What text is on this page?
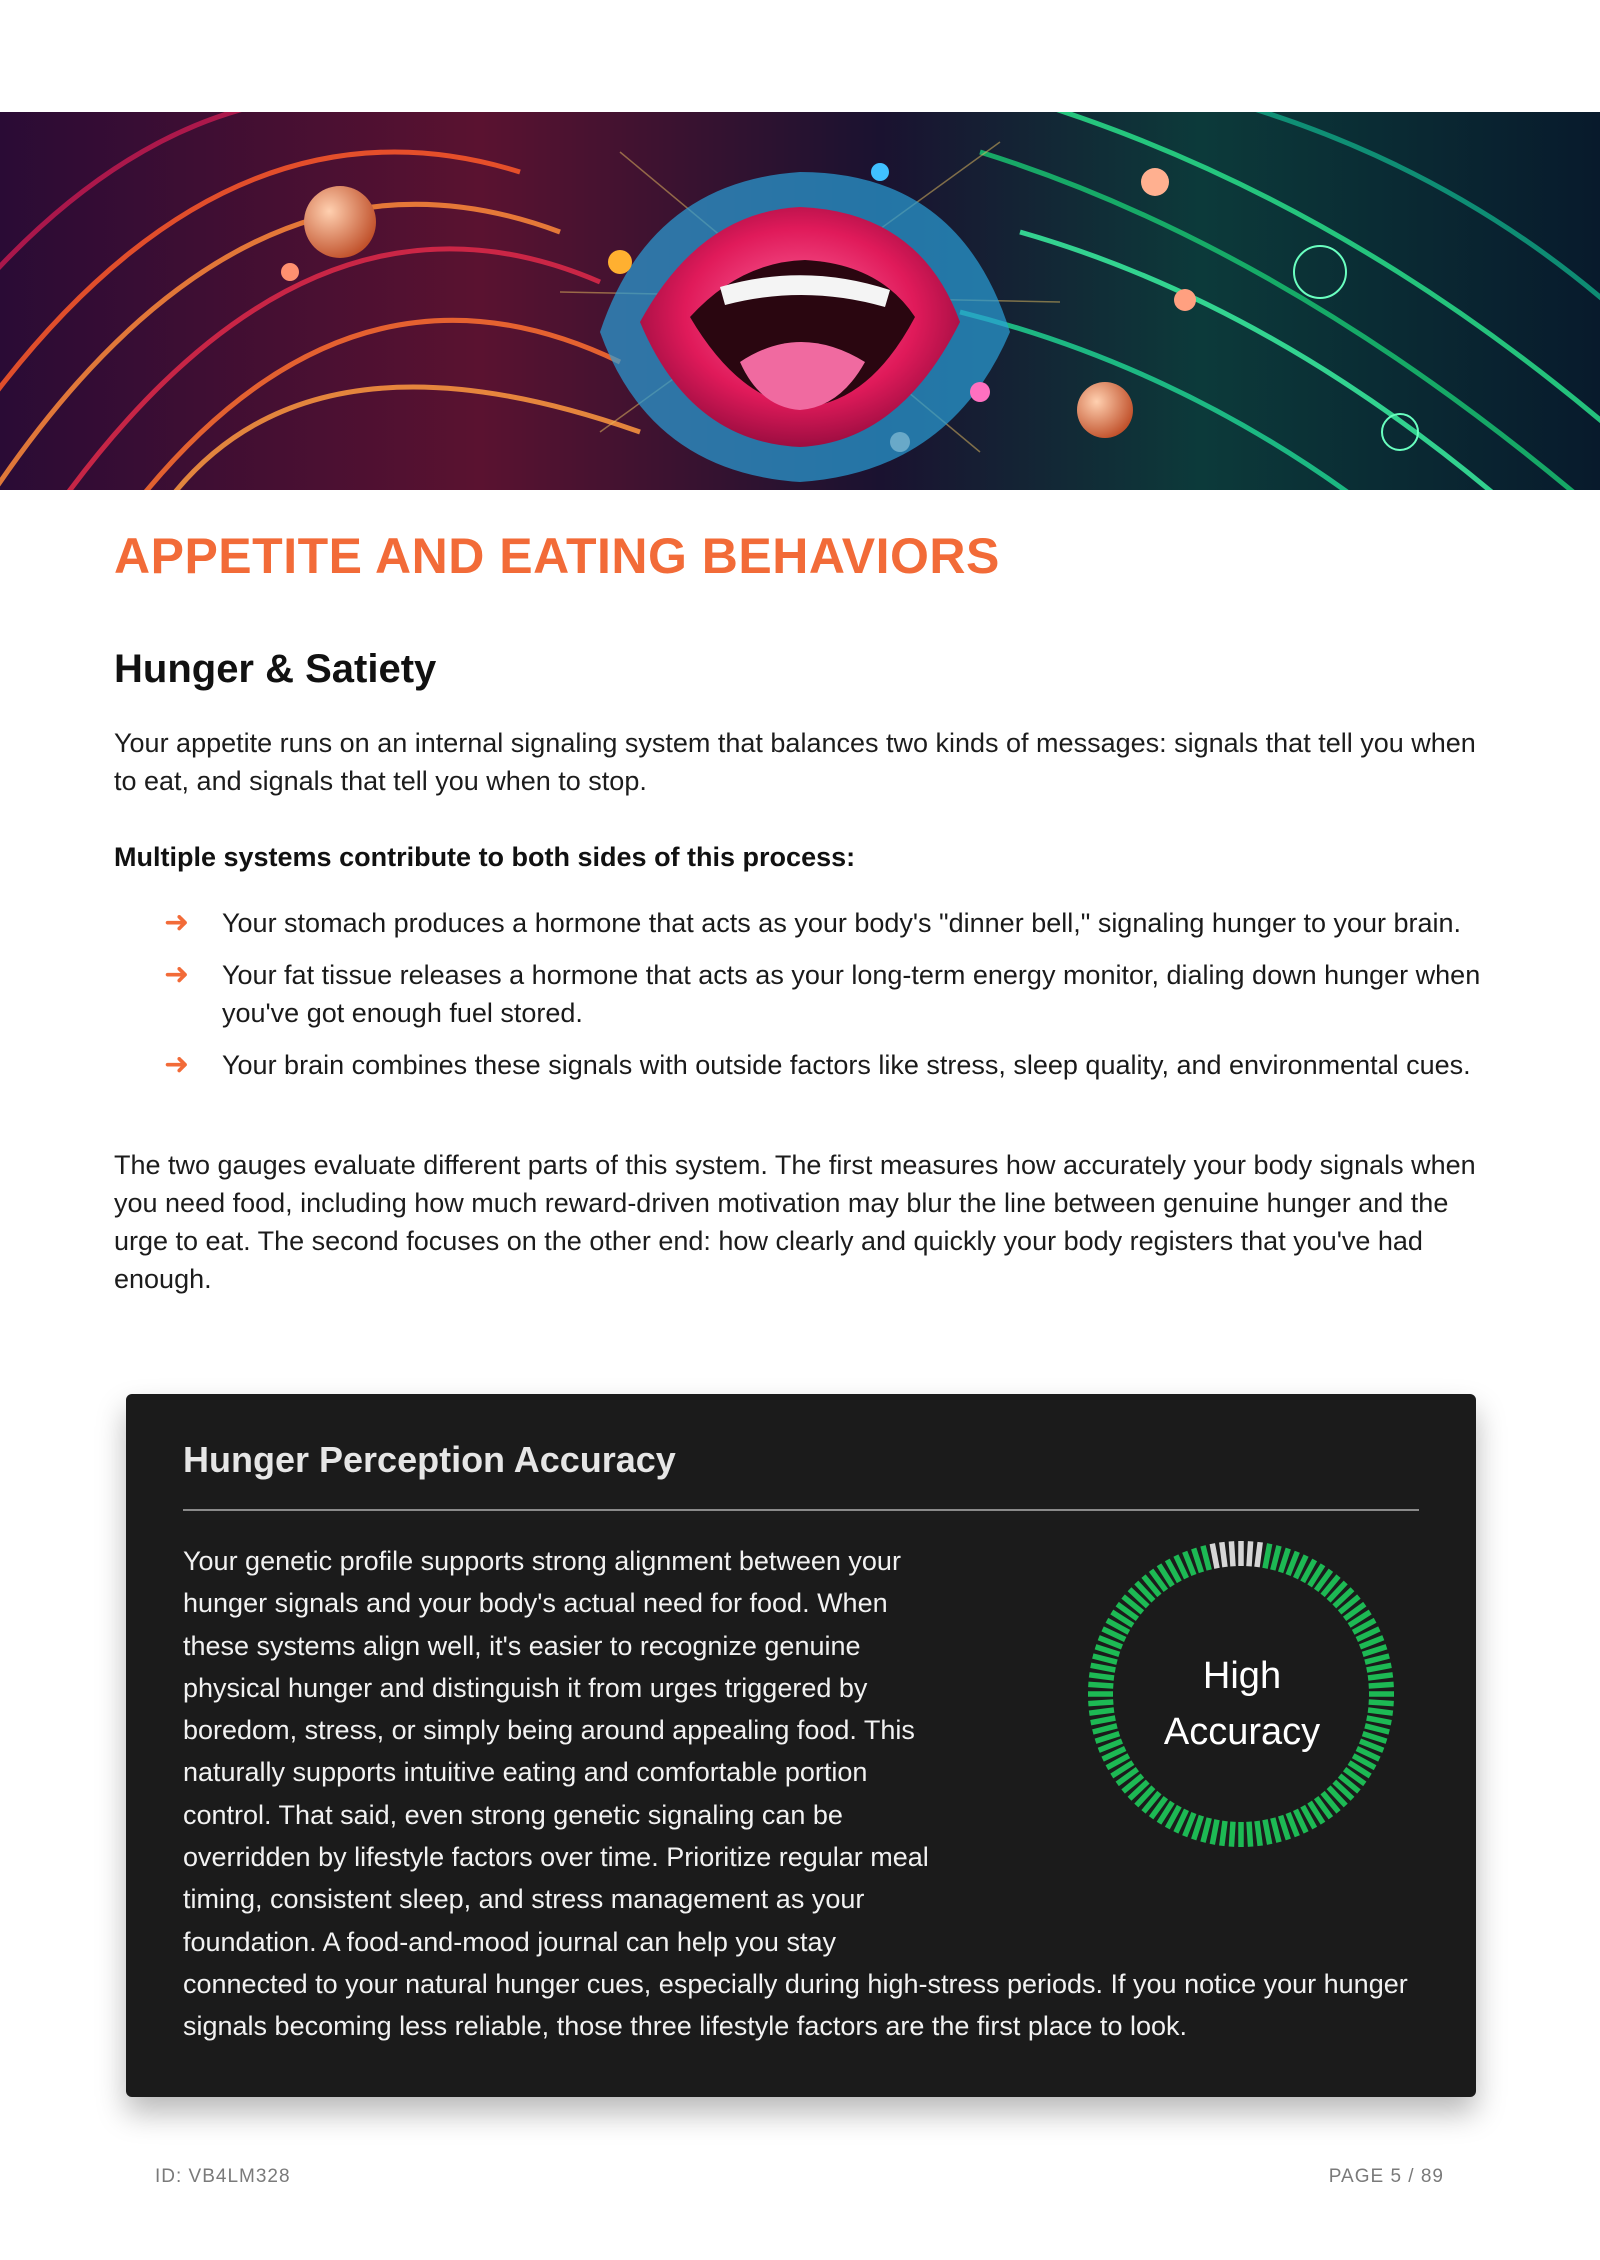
APPETITE AND EATING BEHAVIORS
Hunger & Satiety

Your appetite runs on an internal signaling system that balances two kinds of messages: signals that tell you when to eat, and signals that tell you when to stop.

Multiple systems contribute to both sides of this process:
➜ Your stomach produces a hormone that acts as your body's "dinner bell," signaling hunger to your brain.
➜ Your fat tissue releases a hormone that acts as your long-term energy monitor, dialing down hunger when you've got enough fuel stored.
➜ Your brain combines these signals with outside factors like stress, sleep quality, and environmental cues.

The two gauges evaluate different parts of this system. The first measures how accurately your body signals when you need food, including how much reward-driven motivation may blur the line between genuine hunger and the urge to eat. The second focuses on the other end: how clearly and quickly your body registers that you've had enough.

Hunger Perception Accuracy
High
Accuracy
Your genetic profile supports strong alignment between your hunger signals and your body's actual need for food. When these systems align well, it's easier to recognize genuine physical hunger and distinguish it from urges triggered by boredom, stress, or simply being around appealing food. This naturally supports intuitive eating and comfortable portion control. That said, even strong genetic signaling can be overridden by lifestyle factors over time. Prioritize regular meal timing, consistent sleep, and stress management as your foundation. A food-and-mood journal can help you stay connected to your natural hunger cues, especially during high-stress periods. If you notice your hunger signals becoming less reliable, those three lifestyle factors are the first place to look.
ID: VB4LM328	PAGE 5 / 89
